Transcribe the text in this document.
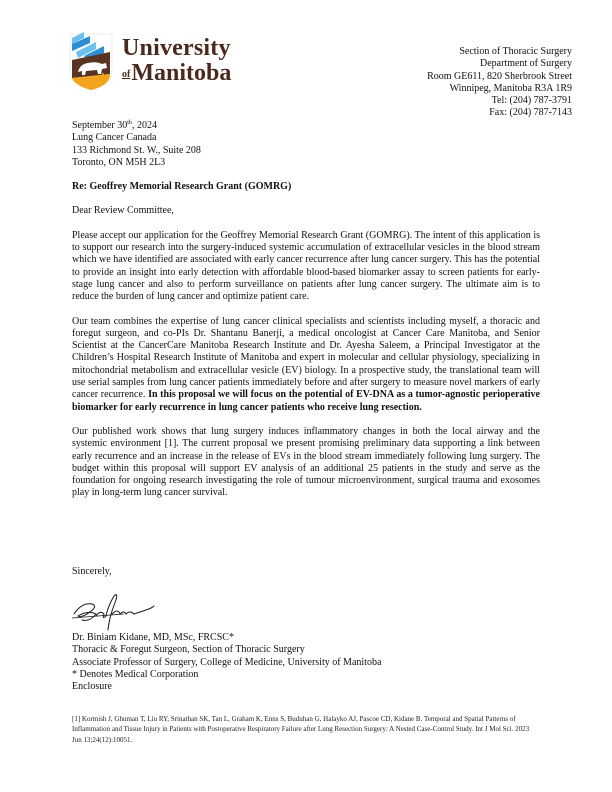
University
ofManitoba
Section of Thoracic Surgery
Department of Surgery
Room GE611, 820 Sherbrook Street
Winnipeg, Manitoba R3A 1R9
Tel: (204) 787-3791
Fax: (204) 787-7143
September 30th, 2024
Lung Cancer Canada
133 Richmond St. W., Suite 208
Toronto, ON M5H 2L3
Re: Geoffrey Memorial Research Grant (GOMRG)
Dear Review Committee,

Please accept our application for the Geoffrey Memorial Research Grant (GOMRG). The intent of this application is to support our research into the surgery-induced systemic accumulation of extracellular vesicles in the blood stream which we have identified are associated with early cancer recurrence after lung cancer surgery. This has the potential to provide an insight into early detection with affordable blood-based biomarker assay to screen patients for early-stage lung cancer and also to perform surveillance on patients after lung cancer surgery. The ultimate aim is to reduce the burden of lung cancer and optimize patient care.

Our team combines the expertise of lung cancer clinical specialists and scientists including myself, a thoracic and foregut surgeon, and co-PIs Dr. Shantanu Banerji, a medical oncologist at Cancer Care Manitoba, and Senior Scientist at the CancerCare Manitoba Research Institute and Dr. Ayesha Saleem, a Principal Investigator at the Children’s Hospital Research Institute of Manitoba and expert in molecular and cellular physiology, specializing in mitochondrial metabolism and extracellular vesicle (EV) biology. In a prospective study, the translational team will use serial samples from lung cancer patients immediately before and after surgery to measure novel markers of early cancer recurrence. In this proposal we will focus on the potential of EV-DNA as a tumor-agnostic perioperative biomarker for early recurrence in lung cancer patients who receive lung resection.

Our published work shows that lung surgery induces inflammatory changes in both the local airway and the systemic environment [1]. The current proposal we present promising preliminary data supporting a link between early recurrence and an increase in the release of EVs in the blood stream immediately following lung surgery. The budget within this proposal will support EV analysis of an additional 25 patients in the study and serve as the foundation for ongoing research investigating the role of tumour microenvironment, surgical trauma and exosomes play in long-term lung cancer survival.

Sincerely,
Dr. Biniam Kidane, MD, MSc, FRCSC*
Thoracic & Foregut Surgeon, Section of Thoracic Surgery
Associate Professor of Surgery, College of Medicine, University of Manitoba
* Denotes Medical Corporation
Enclosure
[1] Kormish J, Ghuman T, Liu RY, Srinathan SK, Tan L, Graham K, Enns S, Buduhan G, Halayko AJ, Pascoe CD, Kidane B. Temporal and Spatial Patterns of Inflammation and Tissue Injury in Patients with Postoperative Respiratory Failure after Lung Resection Surgery: A Nested Case-Control Study. Int J Mol Sci. 2023 Jun 13;24(12):10051.
